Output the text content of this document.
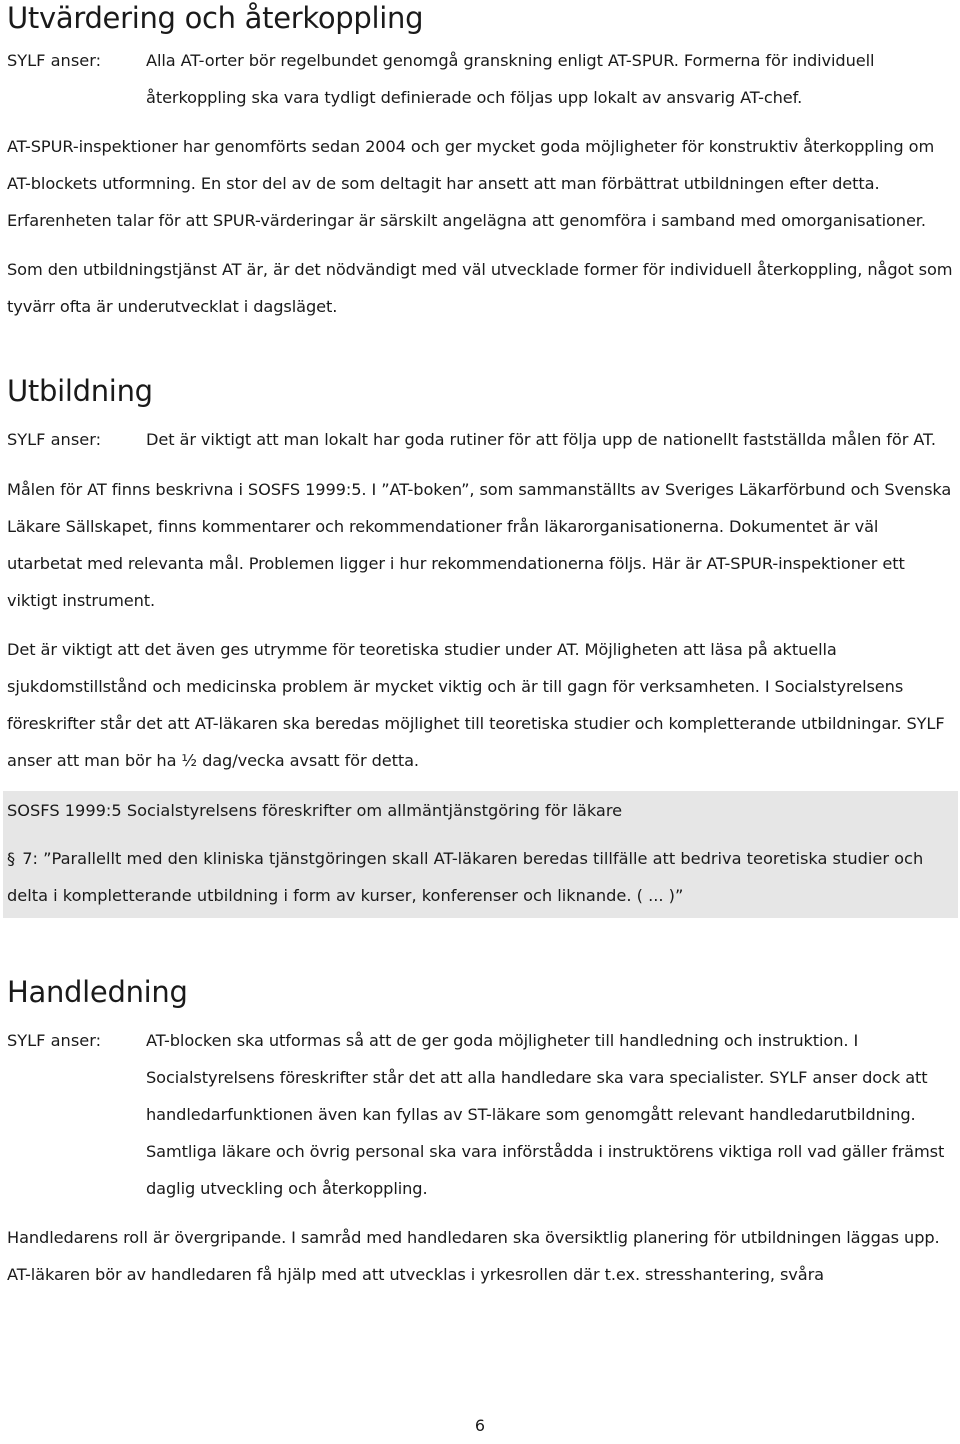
Utvärdering och återkoppling
SYLF anser:	Alla AT-orter bör regelbundet genomgå granskning enligt AT-SPUR. Formerna för individuell återkoppling ska vara tydligt definierade och följas upp lokalt av ansvarig AT-chef.

AT-SPUR-inspektioner har genomförts sedan 2004 och ger mycket goda möjligheter för konstruktiv återkoppling om AT-blockets utformning. En stor del av de som deltagit har ansett att man förbättrat utbildningen efter detta. Erfarenheten talar för att SPUR-värderingar är särskilt angelägna att genomföra i samband med omorganisationer.

Som den utbildningstjänst AT är, är det nödvändigt med väl utvecklade former för individuell återkoppling, något som tyvärr ofta är underutvecklat i dagsläget.

Utbildning
SYLF anser:	Det är viktigt att man lokalt har goda rutiner för att följa upp de nationellt fastställda målen för AT.

Målen för AT finns beskrivna i SOSFS 1999:5. I ”AT-boken”, som sammanställts av Sveriges Läkarförbund och Svenska Läkare Sällskapet, finns kommentarer och rekommendationer från läkarorganisationerna. Dokumentet är väl utarbetat med relevanta mål. Problemen ligger i hur rekommendationerna följs. Här är AT-SPUR-inspektioner ett viktigt instrument.

Det är viktigt att det även ges utrymme för teoretiska studier under AT. Möjligheten att läsa på aktuella sjukdomstillstånd och medicinska problem är mycket viktig och är till gagn för verksamheten. I Socialstyrelsens föreskrifter står det att AT-läkaren ska beredas möjlighet till teoretiska studier och kompletterande utbildningar. SYLF anser att man bör ha ½ dag/vecka avsatt för detta.

SOSFS 1999:5 Socialstyrelsens föreskrifter om allmäntjänstgöring för läkare
§ 7: ”Parallellt med den kliniska tjänstgöringen skall AT-läkaren beredas tillfälle att bedriva teoretiska studier och delta i kompletterande utbildning i form av kurser, konferenser och liknande. ( ... )”
Handledning
SYLF anser:	AT-blocken ska utformas så att de ger goda möjligheter till handledning och instruktion. I Socialstyrelsens föreskrifter står det att alla handledare ska vara specialister. SYLF anser dock att handledarfunktionen även kan fyllas av ST-läkare som genomgått relevant handledarutbildning. Samtliga läkare och övrig personal ska vara införstådda i instruktörens viktiga roll vad gäller främst daglig utveckling och återkoppling.

Handledarens roll är övergripande. I samråd med handledaren ska översiktlig planering för utbildningen läggas upp. AT-läkaren bör av handledaren få hjälp med att utvecklas i yrkesrollen där t.ex. stresshantering, svåra

6
